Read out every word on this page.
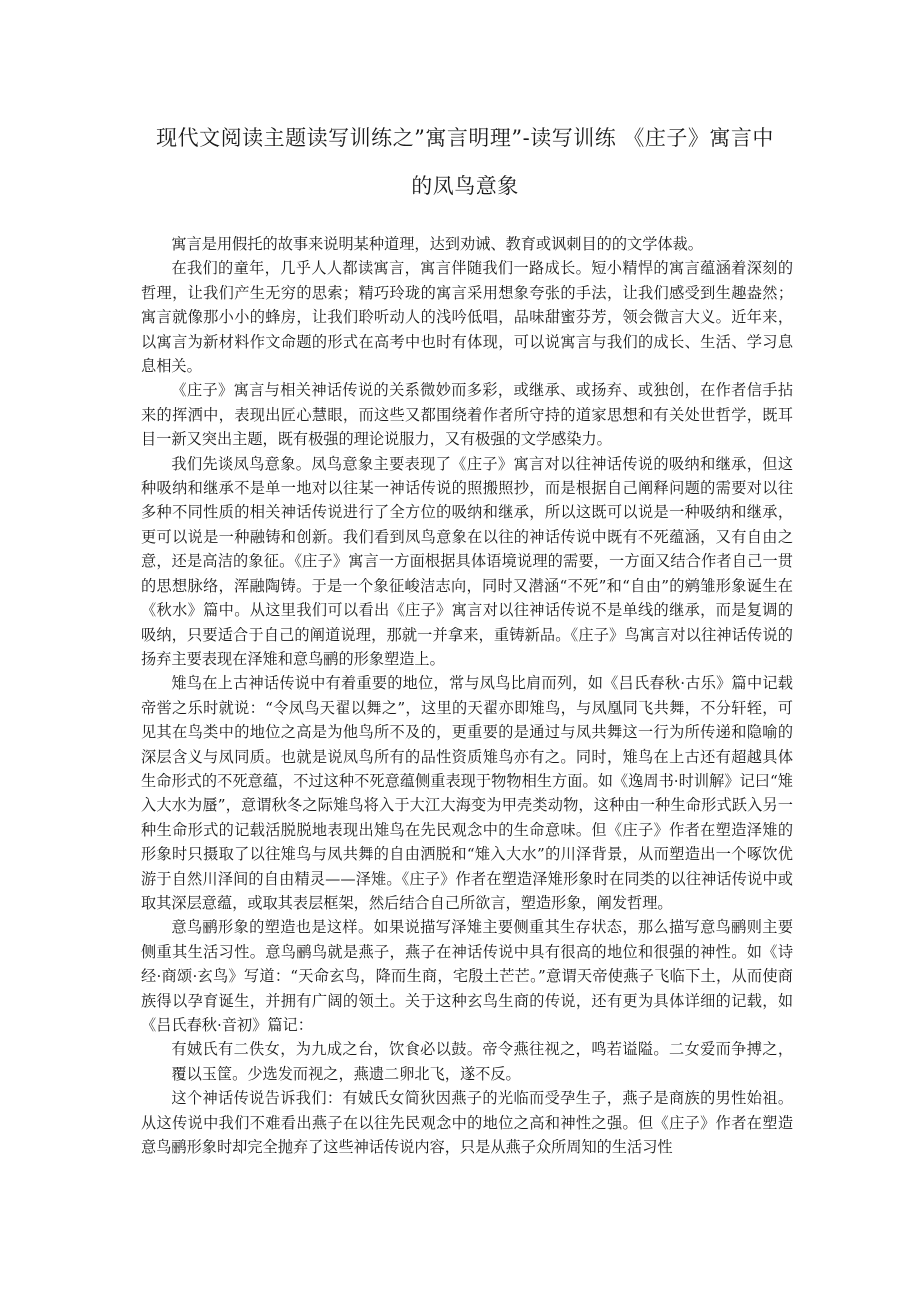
现代文阅读主题读写训练之”寓言明理”-读写训练 《庄子》寓言中
的凤鸟意象

寓言是用假托的故事来说明某种道理，达到劝诫、教育或讽刺目的的文学体裁。

在我们的童年，几乎人人都读寓言，寓言伴随我们一路成长。短小精悍的寓言蕴涵着深刻的哲理，让我们产生无穷的思索；精巧玲珑的寓言采用想象夸张的手法，让我们感受到生趣盎然；寓言就像那小小的蜂房，让我们聆听动人的浅吟低唱，品味甜蜜芬芳，领会微言大义。近年来，以寓言为新材料作文命题的形式在高考中也时有体现，可以说寓言与我们的成长、生活、学习息息相关。

《庄子》寓言与相关神话传说的关系微妙而多彩，或继承、或扬弃、或独创，在作者信手拈来的挥洒中，表现出匠心慧眼，而这些又都围绕着作者所守持的道家思想和有关处世哲学，既耳目一新又突出主题，既有极强的理论说服力，又有极强的文学感染力。

我们先谈凤鸟意象。凤鸟意象主要表现了《庄子》寓言对以往神话传说的吸纳和继承，但这种吸纳和继承不是单一地对以往某一神话传说的照搬照抄，而是根据自己阐释问题的需要对以往多种不同性质的相关神话传说进行了全方位的吸纳和继承，所以这既可以说是一种吸纳和继承，更可以说是一种融铸和创新。我们看到凤鸟意象在以往的神话传说中既有不死蕴涵，又有自由之意，还是高洁的象征。《庄子》寓言一方面根据具体语境说理的需要，一方面又结合作者自己一贯的思想脉络，浑融陶铸。于是一个象征峻洁志向，同时又潜涵“不死”和“自由”的鹓雏形象诞生在《秋水》篇中。从这里我们可以看出《庄子》寓言对以往神话传说不是单线的继承，而是复调的吸纳，只要适合于自己的阐道说理，那就一并拿来，重铸新品。《庄子》鸟寓言对以往神话传说的扬弃主要表现在泽雉和意鸟鹂的形象塑造上。

雉鸟在上古神话传说中有着重要的地位，常与凤鸟比肩而列，如《吕氏春秋·古乐》篇中记载帝喾之乐时就说：“令凤鸟天翟以舞之”，这里的天翟亦即雉鸟，与凤凰同飞共舞，不分轩轾，可见其在鸟类中的地位之高是为他鸟所不及的，更重要的是通过与凤共舞这一行为所传递和隐喻的深层含义与凤同质。也就是说凤鸟所有的品性资质雉鸟亦有之。同时，雉鸟在上古还有超越具体生命形式的不死意蕴，不过这种不死意蕴侧重表现于物物相生方面。如《逸周书·时训解》记曰“雉入大水为蜃”，意谓秋冬之际雉鸟将入于大江大海变为甲壳类动物，这种由一种生命形式跃入另一种生命形式的记载活脱脱地表现出雉鸟在先民观念中的生命意味。但《庄子》作者在塑造泽雉的形象时只摄取了以往雉鸟与凤共舞的自由洒脱和“雉入大水”的川泽背景，从而塑造出一个啄饮优游于自然川泽间的自由精灵——泽雉。《庄子》作者在塑造泽雉形象时在同类的以往神话传说中或取其深层意蕴，或取其表层框架，然后结合自己所欲言，塑造形象，阐发哲理。

意鸟鹂形象的塑造也是这样。如果说描写泽雉主要侧重其生存状态，那么描写意鸟鹂则主要侧重其生活习性。意鸟鹂鸟就是燕子，燕子在神话传说中具有很高的地位和很强的神性。如《诗经·商颂·玄鸟》写道：“天命玄鸟，降而生商，宅殷土芒芒。”意谓天帝使燕子飞临下土，从而使商族得以孕育诞生，并拥有广阔的领土。关于这种玄鸟生商的传说，还有更为具体详细的记载，如《吕氏春秋·音初》篇记：

有娀氏有二佚女，为九成之台，饮食必以鼓。帝令燕往视之，鸣若谥隘。二女爱而争搏之，覆以玉筐。少选发而视之，燕遗二卵北飞，遂不反。

这个神话传说告诉我们：有娀氏女简狄因燕子的光临而受孕生子，燕子是商族的男性始祖。从这传说中我们不难看出燕子在以往先民观念中的地位之高和神性之强。但《庄子》作者在塑造意鸟鹂形象时却完全抛弃了这些神话传说内容，只是从燕子众所周知的生活习性
